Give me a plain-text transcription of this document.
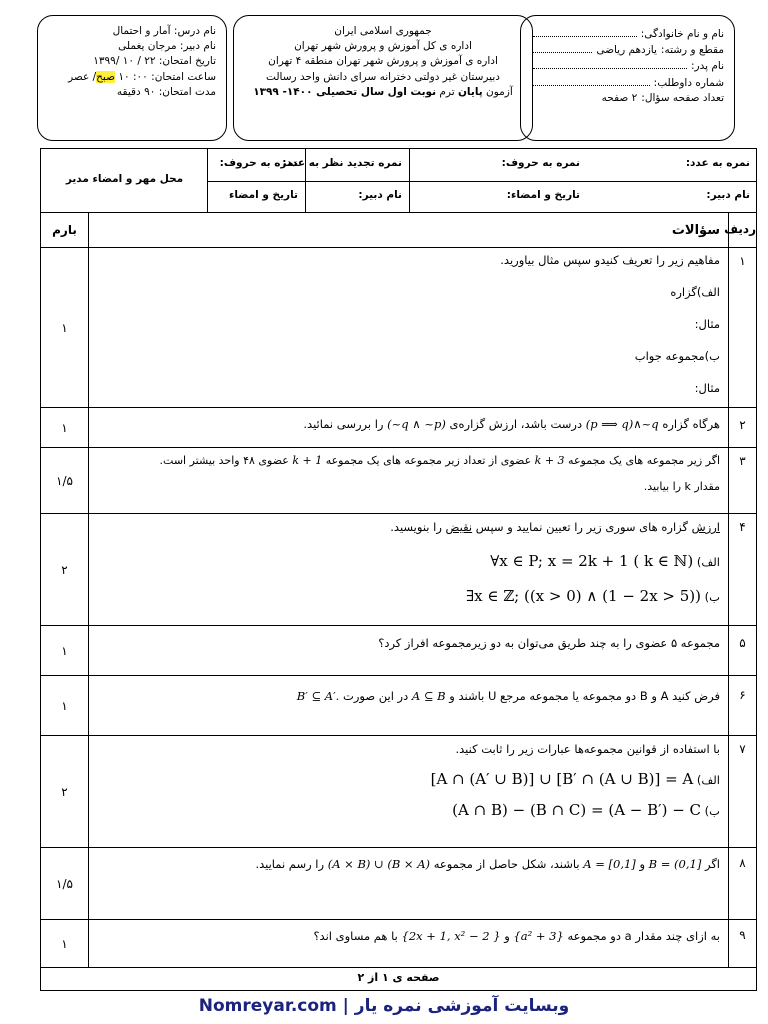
نام و نام خانوادگی:
مقطع و رشته:
یازدهم ریاضی
نام پدر:
شماره داوطلب:
تعداد صفحه سؤال:
۲ صفحه
جمهوری اسلامی ایران
اداره ی کل آموزش و پرورش شهر تهران
اداره ی آموزش و پرورش شهر تهران منطقه ۴ تهران
دبیرستان غیر دولتی دخترانه سرای دانش واحد رسالت
آزمون پایان ترم نوبت اول سال تحصیلی ۱۴۰۰- ۱۳۹۹
نام درس: آمار و احتمال
نام دبیر: مرجان یغملی
تاریخ امتحان: ۲۲ / ۱۰ /۱۳۹۹
ساعت امتحان: ۰۰: ۱۰ صبح/ عصر
مدت امتحان: ۹۰ دقیقه
نمره به عدد:
نمره به حروف:
نام دبیر:
تاریخ و امضاء:
نمره تجدید نظر به عدد:
نمره به حروف:
نام دبیر:
تاریخ و امضاء
محل مهر و امضاء مدیر
ردیف
بارم	سؤالات
۱
۱
مفاهیم زیر را تعریف کنیدو سپس مثال بیاورید.
الف)گزاره
مثال:
ب)مجموعه جواب
مثال:
۲
۱	هرگاه گزاره (p ⟹ q)∧~q درست باشد، ارزش گزاره‌ی (~q ∧ ~p) را بررسی نمائید.
۳
۱/۵
اگر زیر مجموعه های یک مجموعه k + 3 عضوی از تعداد زیر مجموعه های یک مجموعه k + 1 عضوی ۴۸ واحد بیشتر است.
مقدار k را بیابید.
۴
۲
ارزش گزاره های سوری زیر را تعیین نمایید و سپس نقیض را بنویسید.
الف) ∀x ∈ P; x = 2k + 1 ( k ∈ ℕ)
ب) ∃x ∈ ℤ; ((x > 0) ∧ (1 − 2x > 5))
۵
۱
مجموعه ۵ عضوی را به چند طریق می‌توان به دو زیرمجموعه افراز کرد؟
۶
۱
فرض کنید A و B دو مجموعه یا مجموعه مرجع U باشند و A ⊆ B در این صورت B′ ⊆ A′.
۷
۲
با استفاده از قوانین مجموعه‌ها عبارات زیر را ثابت کنید.
الف) [A ∩ (A′ ∪ B)] ∪ [B′ ∩ (A ∪ B)] = A
ب) (A ∩ B) − (B ∩ C) = (A − B′) − C
۸
۱/۵
اگر B = (0,1] و A = [0,1] باشند، شکل حاصل از مجموعه (A × B) ∪ (B × A) را رسم نمایید.
۹
۱
به ازای چند مقدار a دو مجموعه {a² + 3} و {2x + 1, x² − 2 } با هم مساوی اند؟
صفحه ی ۱ از ۲
Nomreyar.com | وبسایت آموزشی نمره یار
